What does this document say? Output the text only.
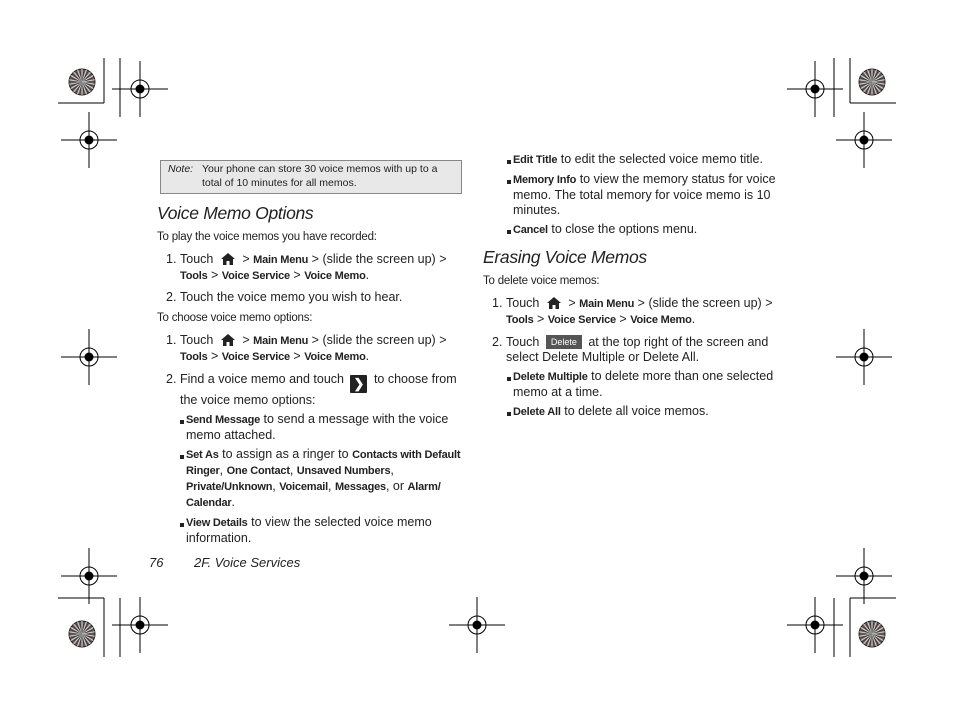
Note: Your phone can store 30 voice memos with up to a total of 10 minutes for all memos.
Voice Memo Options
To play the voice memos you have recorded:
1. Touch > Main Menu > (slide the screen up) >
Tools > Voice Service > Voice Memo.
2. Touch the voice memo you wish to hear.
To choose voice memo options:
1. Touch > Main Menu > (slide the screen up) >
Tools > Voice Service > Voice Memo.
2. Find a voice memo and touch ❯ to choose from the voice memo options:
Send Message to send a message with the voice memo attached.
Set As to assign as a ringer to Contacts with Default Ringer, One Contact, Unsaved Numbers, Private/Unknown, Voicemail, Messages, or Alarm/ Calendar.
View Details to view the selected voice memo information.
Edit Title to edit the selected voice memo title.
Memory Info to view the memory status for voice memo. The total memory for voice memo is 10 minutes.
Cancel to close the options menu.
Erasing Voice Memos
To delete voice memos:
1. Touch > Main Menu > (slide the screen up) >
Tools > Voice Service > Voice Memo.
2. Touch Delete at the top right of the screen and select Delete Multiple or Delete All.
Delete Multiple to delete more than one selected memo at a time.
Delete All to delete all voice memos.
76 2F. Voice Services
